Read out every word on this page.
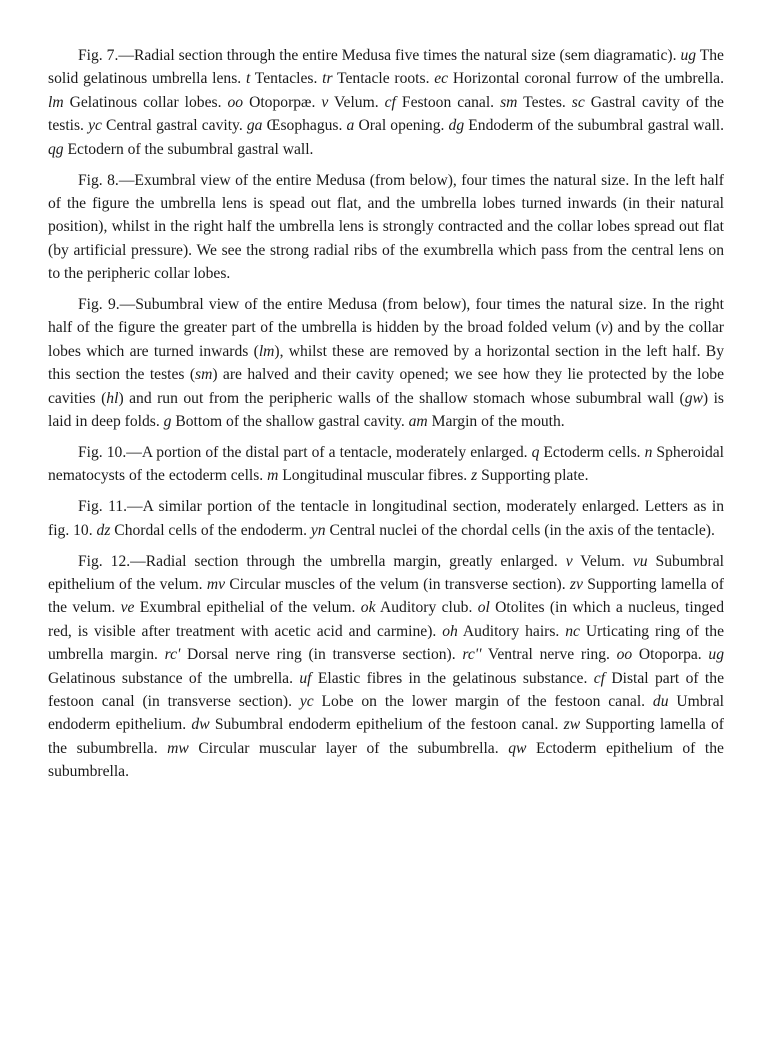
Fig. 7.—Radial section through the entire Medusa five times the natural size (sem diagramatic). ug The solid gelatinous umbrella lens. t Tentacles. tr Tentacle roots. ec Horizontal coronal furrow of the umbrella. lm Gelatinous collar lobes. oo Otoporpæ. v Velum. cf Festoon canal. sm Testes. sc Gastral cavity of the testis. yc Central gastral cavity. ga Œsophagus. a Oral opening. dg Endoderm of the subumbral gastral wall. qg Ectodern of the subumbral gastral wall.

Fig. 8.—Exumbral view of the entire Medusa (from below), four times the natural size. In the left half of the figure the umbrella lens is spead out flat, and the umbrella lobes turned inwards (in their natural position), whilst in the right half the umbrella lens is strongly contracted and the collar lobes spread out flat (by artificial pressure). We see the strong radial ribs of the exumbrella which pass from the central lens on to the peripheric collar lobes.

Fig. 9.—Subumbral view of the entire Medusa (from below), four times the natural size. In the right half of the figure the greater part of the umbrella is hidden by the broad folded velum (v) and by the collar lobes which are turned inwards (lm), whilst these are removed by a horizontal section in the left half. By this section the testes (sm) are halved and their cavity opened; we see how they lie protected by the lobe cavities (hl) and run out from the peripheric walls of the shallow stomach whose subumbral wall (gw) is laid in deep folds. g Bottom of the shallow gastral cavity. am Margin of the mouth.

Fig. 10.—A portion of the distal part of a tentacle, moderately enlarged. q Ectoderm cells. n Spheroidal nematocysts of the ectoderm cells. m Longitudinal muscular fibres. z Supporting plate.

Fig. 11.—A similar portion of the tentacle in longitudinal section, moderately enlarged. Letters as in fig. 10. dz Chordal cells of the endoderm. yn Central nuclei of the chordal cells (in the axis of the tentacle).

Fig. 12.—Radial section through the umbrella margin, greatly enlarged. v Velum. vu Subumbral epithelium of the velum. mv Circular muscles of the velum (in transverse section). zv Supporting lamella of the velum. ve Exumbral epithelial of the velum. ok Auditory club. ol Otolites (in which a nucleus, tinged red, is visible after treatment with acetic acid and carmine). oh Auditory hairs. nc Urticating ring of the umbrella margin. rc' Dorsal nerve ring (in transverse section). rc'' Ventral nerve ring. oo Otoporpa. ug Gelatinous substance of the umbrella. uf Elastic fibres in the gelatinous substance. cf Distal part of the festoon canal (in transverse section). yc Lobe on the lower margin of the festoon canal. du Umbral endoderm epithelium. dw Subumbral endoderm epithelium of the festoon canal. zw Supporting lamella of the subumbrella. mw Circular muscular layer of the subumbrella. qw Ectoderm epithelium of the subumbrella.
